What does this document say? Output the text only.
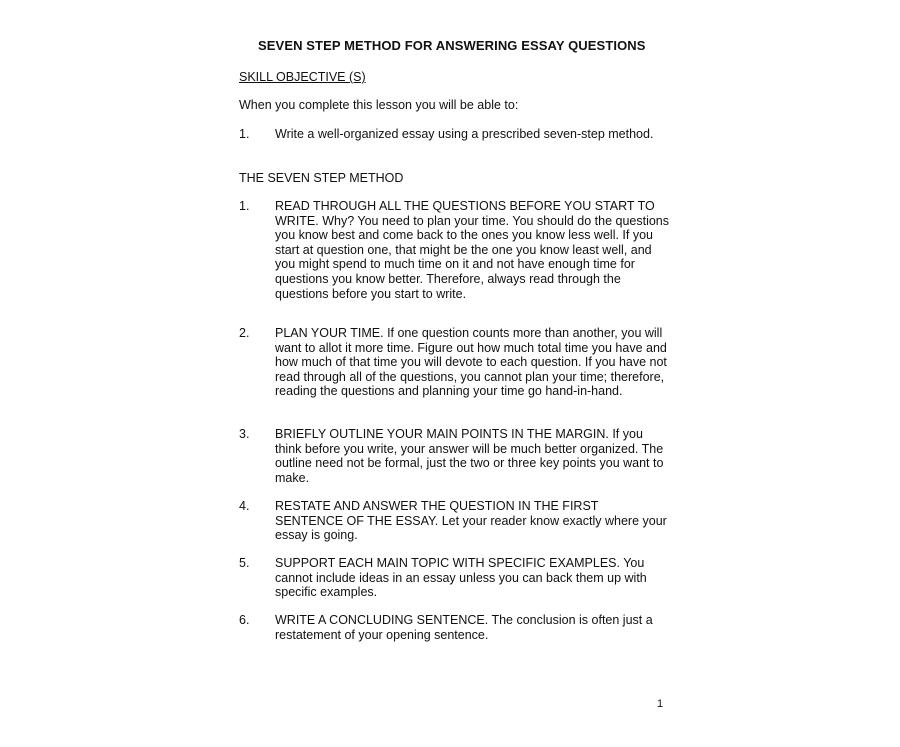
SEVEN STEP METHOD FOR ANSWERING ESSAY QUESTIONS
SKILL OBJECTIVE (S)
When you complete this lesson you will be able to:
1. Write a well-organized essay using a prescribed seven-step method.
THE SEVEN STEP METHOD
1. READ THROUGH ALL THE QUESTIONS BEFORE YOU START TO WRITE. Why? You need to plan your time. You should do the questions you know best and come back to the ones you know less well. If you start at question one, that might be the one you know least well, and you might spend to much time on it and not have enough time for questions you know better. Therefore, always read through the questions before you start to write.
2. PLAN YOUR TIME. If one question counts more than another, you will want to allot it more time. Figure out how much total time you have and how much of that time you will devote to each question. If you have not read through all of the questions, you cannot plan your time; therefore, reading the questions and planning your time go hand-in-hand.
3. BRIEFLY OUTLINE YOUR MAIN POINTS IN THE MARGIN. If you think before you write, your answer will be much better organized. The outline need not be formal, just the two or three key points you want to make.
4. RESTATE AND ANSWER THE QUESTION IN THE FIRST SENTENCE OF THE ESSAY. Let your reader know exactly where your essay is going.
5. SUPPORT EACH MAIN TOPIC WITH SPECIFIC EXAMPLES. You cannot include ideas in an essay unless you can back them up with specific examples.
6. WRITE A CONCLUDING SENTENCE. The conclusion is often just a restatement of your opening sentence.
1
